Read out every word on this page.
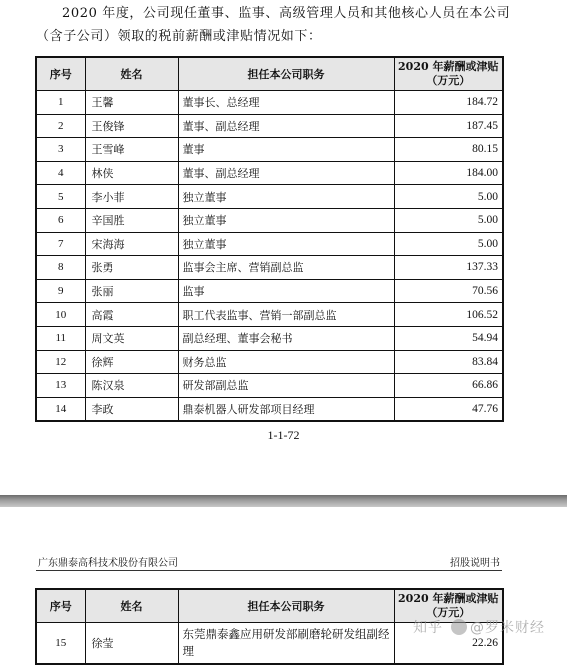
2020 年度，公司现任董事、监事、高级管理人员和其他核心人员在本公司（含子公司）领取的税前薪酬或津贴情况如下：
序号	姓名	担任本公司职务	2020 年薪酬或津贴
（万元）

1	王馨	董事长、总经理	184.72
2	王俊锋	董事、副总经理	187.45
3	王雪峰	董事	80.15
4	林侠	董事、副总经理	184.00
5	李小菲	独立董事	5.00
6	辛国胜	独立董事	5.00
7	宋海海	独立董事	5.00
8	张勇	监事会主席、营销副总监	137.33
9	张丽	监事	70.56
10	高霞	职工代表监事、营销一部副总监	106.52
11	周文英	副总经理、董事会秘书	54.94
12	徐辉	财务总监	83.84
13	陈汉泉	研发部副总监	66.86
14	李政	鼎泰机器人研发部项目经理	47.76
1-1-72
广东鼎泰高科技术股份有限公司	招股说明书
序号	姓名	担任本公司职务	2020 年薪酬或津贴
（万元）

15	徐莹	东莞鼎泰鑫应用研发部刷磨轮研发组副经理	22.26
知乎 @罗米财经
